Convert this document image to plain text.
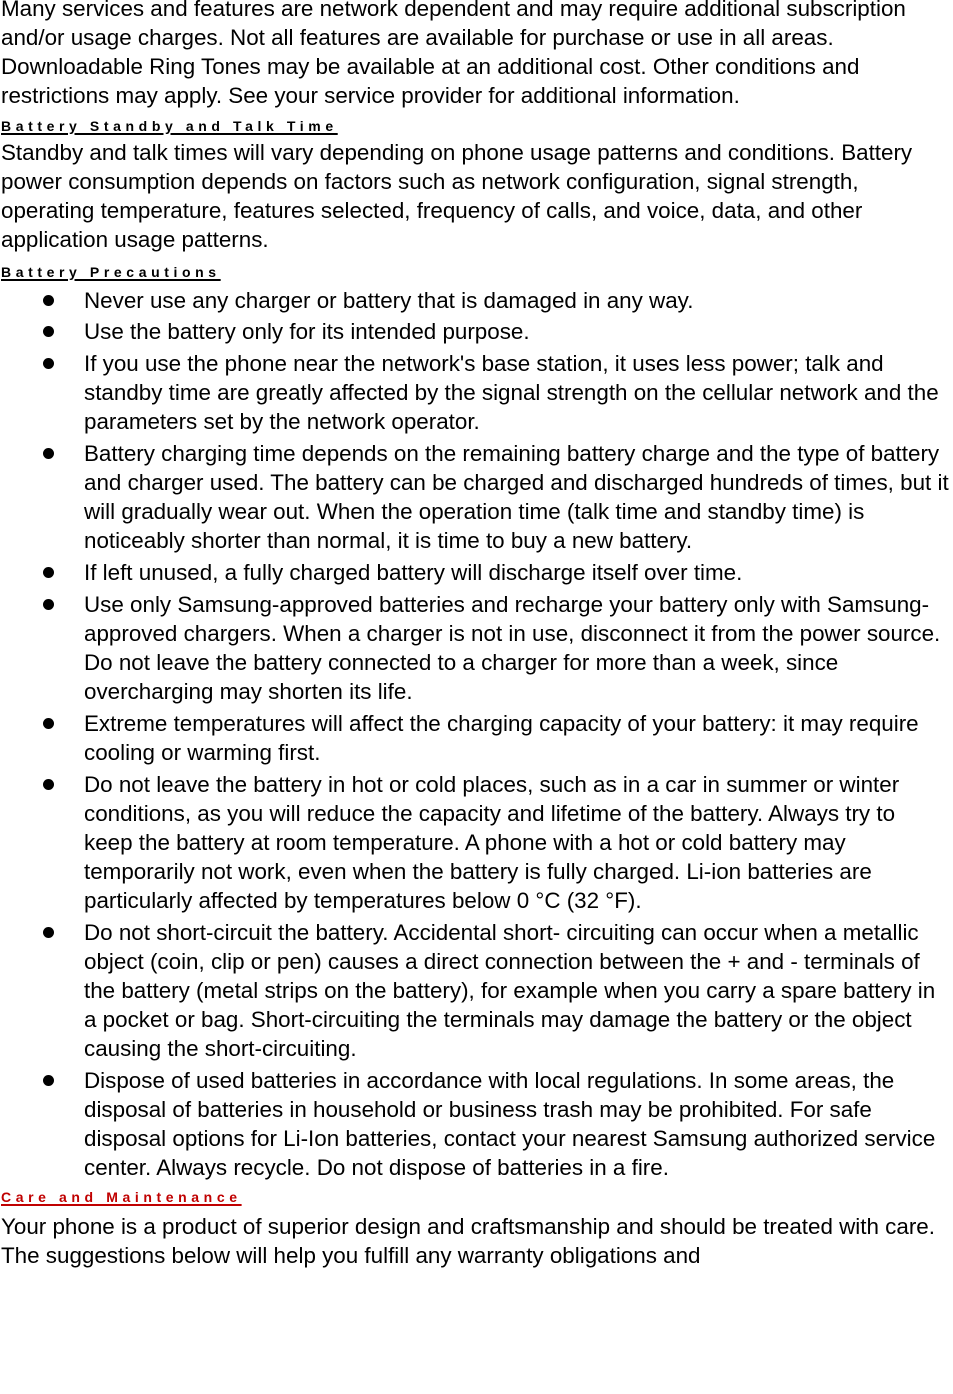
Many services and features are network dependent and may require additional subscription and/or usage charges. Not all features are available for purchase or use in all areas. Downloadable Ring Tones may be available at an additional cost. Other conditions and restrictions may apply. See your service provider for additional information.

Battery Standby and Talk Time

Standby and talk times will vary depending on phone usage patterns and conditions. Battery power consumption depends on factors such as network configuration, signal strength, operating temperature, features selected, frequency of calls, and voice, data, and other application usage patterns.

Battery Precautions
Never use any charger or battery that is damaged in any way.
Use the battery only for its intended purpose.
If you use the phone near the network's base station, it uses less power; talk and standby time are greatly affected by the signal strength on the cellular network and the parameters set by the network operator.
Battery charging time depends on the remaining battery charge and the type of battery and charger used. The battery can be charged and discharged hundreds of times, but it will gradually wear out. When the operation time (talk time and standby time) is noticeably shorter than normal, it is time to buy a new battery.
If left unused, a fully charged battery will discharge itself over time.
Use only Samsung-approved batteries and recharge your battery only with Samsung-approved chargers. When a charger is not in use, disconnect it from the power source. Do not leave the battery connected to a charger for more than a week, since overcharging may shorten its life.
Extreme temperatures will affect the charging capacity of your battery: it may require cooling or warming first.
Do not leave the battery in hot or cold places, such as in a car in summer or winter conditions, as you will reduce the capacity and lifetime of the battery. Always try to keep the battery at room temperature. A phone with a hot or cold battery may temporarily not work, even when the battery is fully charged. Li-ion batteries are particularly affected by temperatures below 0 °C (32 °F).
Do not short-circuit the battery. Accidental short- circuiting can occur when a metallic object (coin, clip or pen) causes a direct connection between the + and - terminals of the battery (metal strips on the battery), for example when you carry a spare battery in a pocket or bag. Short-circuiting the terminals may damage the battery or the object causing the short-circuiting.
Dispose of used batteries in accordance with local regulations. In some areas, the disposal of batteries in household or business trash may be prohibited. For safe disposal options for Li-Ion batteries, contact your nearest Samsung authorized service center. Always recycle. Do not dispose of batteries in a fire.
Care and Maintenance

Your phone is a product of superior design and craftsmanship and should be treated with care. The suggestions below will help you fulfill any warranty obligations and
